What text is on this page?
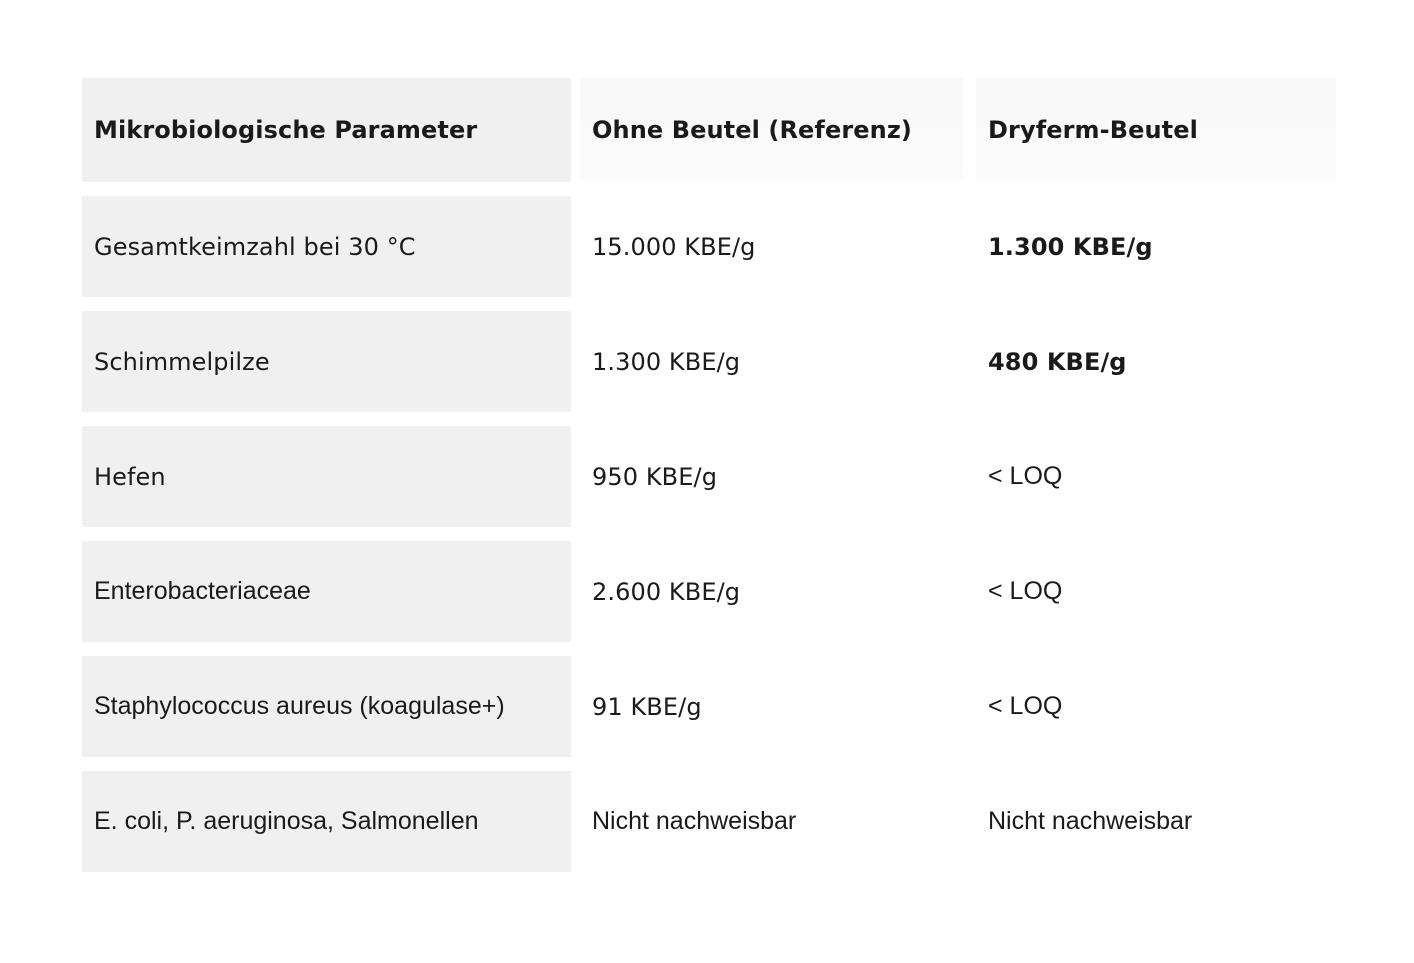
Mikrobiologische Parameter	Ohne Beutel (Referenz)	Dryferm-Beutel
Gesamtkeimzahl bei 30 °C	15.000 KBE/g	1.300 KBE/g
Schimmelpilze	1.300 KBE/g	480 KBE/g
Hefen	950 KBE/g	< LOQ
Enterobacteriaceae	2.600 KBE/g	< LOQ
Staphylococcus aureus (koagulase+)	91 KBE/g	< LOQ
E. coli, P. aeruginosa, Salmonellen	Nicht nachweisbar	Nicht nachweisbar
